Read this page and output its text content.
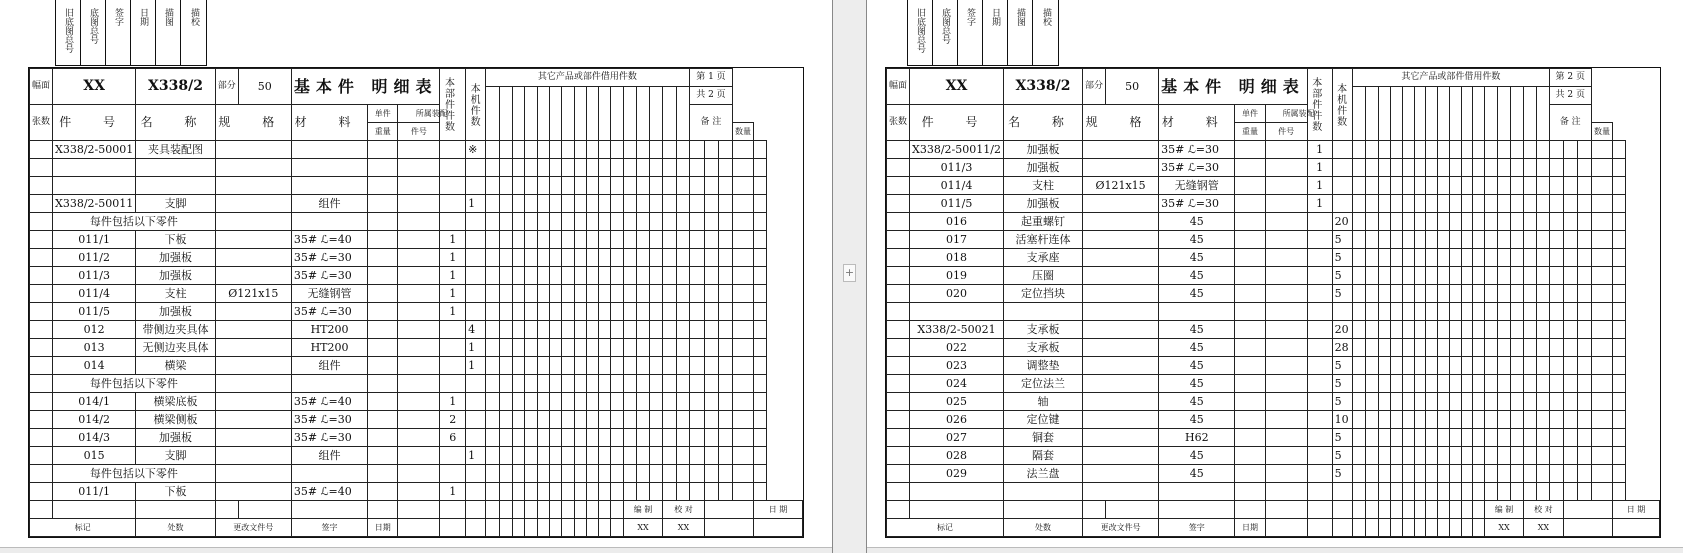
旧底图总号	底图总号	签字	日期	描图	描校
幅面	XX	X338/2	部分	50	基本件 明细表			本部件件数	本机件数	其它产品或部件借用件数																第 1 页				
																										共 2 页				
张数	件 号	名 称	规 格		材 料	单件	所属装配																			备 注				
						重量	件号																						数量	
	X338/2-50001	夹具装配图							※																					

	X338/2-50011	支脚			组件				1																					
	每件包括以下零件																													
	011/1	下板			35# ℒ=40			1																						
	011/2	加强板			35# ℒ=30			1																						
	011/3	加强板			35# ℒ=30			1																						
	011/4	支柱	Ø121x15		无缝钢管			1																						
	011/5	加强板			35# ℒ=30			1																						
	012	带侧边夹具体			HT200				4																					
	013	无侧边夹具体			HT200				1																					
	014	横梁			组件				1																					
	每件包括以下零件																													
	014/1	横梁底板			35# ℒ=40			1																						
	014/2	横梁侧板			35# ℒ=30			2																						
	014/3	加强板			35# ℒ=30			6																						
	015	支脚			组件				1																					
	每件包括以下零件																													
	011/1	下板			35# ℒ=40			1																						
																					编 制			校 对						日 期
标记		处数	更改文件号		签字	日期															XX			XX						
+
旧底图总号	底图总号	签字	日期	描图	描校
幅面	XX	X338/2	部分	50	基本件 明细表			本部件件数	本机件数	其它产品或部件借用件数																第 2 页				
																										共 2 页				
张数	件 号	名 称	规 格		材 料	单件	所属装配																			备 注				
						重量	件号																						数量	
	X338/2-50011/2	加强板			35# ℒ=30			1																						
	011/3	加强板			35# ℒ=30			1																						
	011/4	支柱	Ø121x15		无缝钢管			1																						
	011/5	加强板			35# ℒ=30			1																						
	016	起重螺钉			45				20																					
	017	活塞杆连体			45				5																					
	018	支承座			45				5																					
	019	压圈			45				5																					
	020	定位挡块			45				5																					

	X338/2-50021	支承板			45				20																					
	022	支承板			45				28																					
	023	调整垫			45				5																					
	024	定位法兰			45				5																					
	025	轴			45				5																					
	026	定位键			45				10																					
	027	铜套			H62				5																					
	028	隔套			45				5																					
	029	法兰盘			45				5																					

																					编 制			校 对						日 期
标记		处数	更改文件号		签字	日期															XX			XX						
